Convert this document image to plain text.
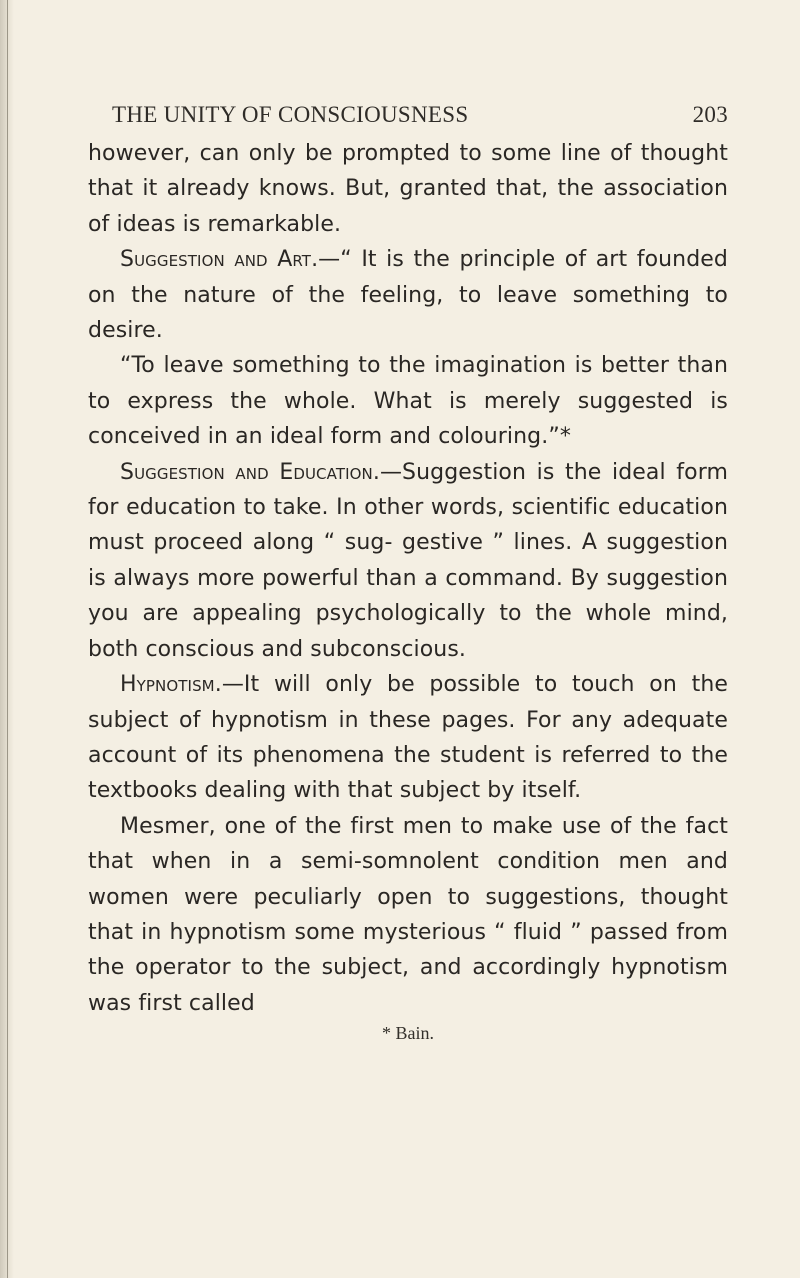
THE UNITY OF CONSCIOUSNESS	203

however, can only be prompted to some line of thought that it already knows. But, granted that, the association of ideas is remarkable.

Suggestion and Art.—“ It is the principle of art founded on the nature of the feeling, to leave something to desire.

“To leave something to the imagination is better than to express the whole. What is merely suggested is conceived in an ideal form and colouring.”*

Suggestion and Education.—Suggestion is the ideal form for education to take. In other words, scientific education must proceed along “ sug- gestive ” lines. A suggestion is always more powerful than a command. By suggestion you are appealing psychologically to the whole mind, both conscious and subconscious.

Hypnotism.—It will only be possible to touch on the subject of hypnotism in these pages. For any adequate account of its phenomena the student is referred to the textbooks dealing with that subject by itself.

Mesmer, one of the first men to make use of the fact that when in a semi-somnolent condition men and women were peculiarly open to suggestions, thought that in hypnotism some mysterious “ fluid ” passed from the operator to the subject, and accordingly hypnotism was first called

* Bain.
